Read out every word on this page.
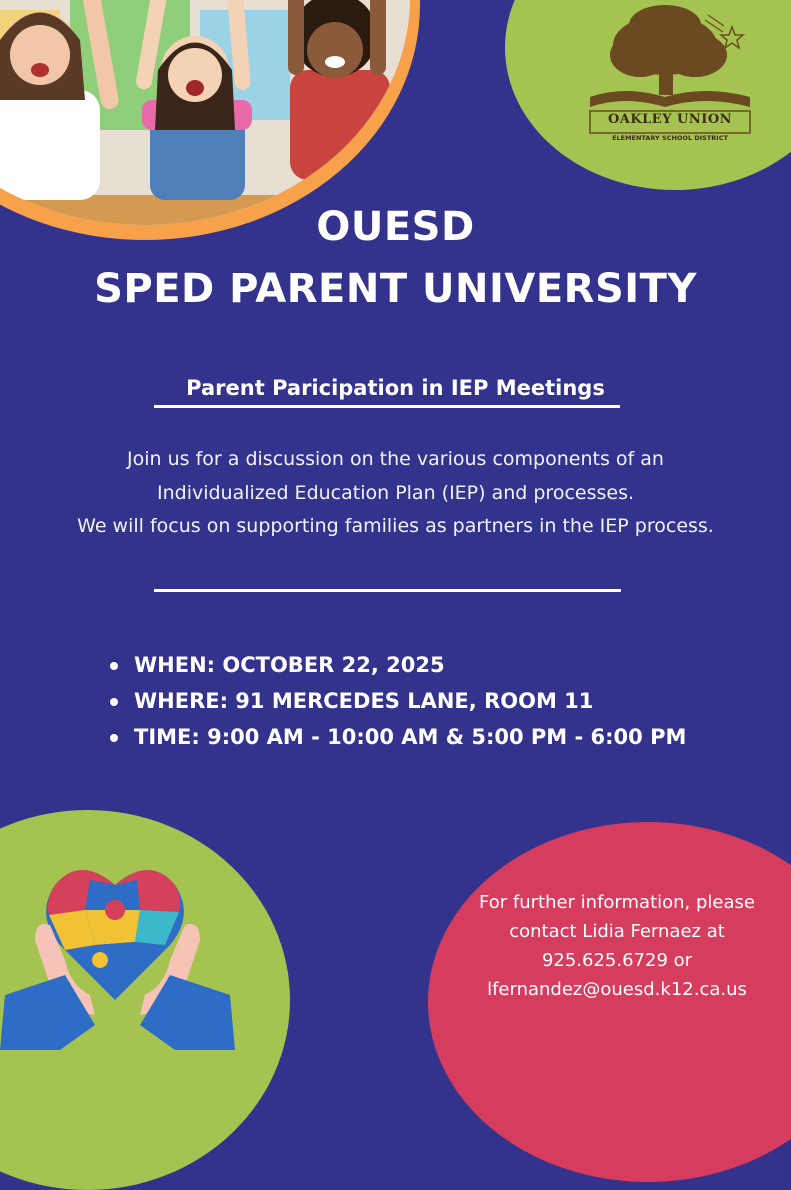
OAKLEY UNION
ELEMENTARY SCHOOL DISTRICT
OUESD
SPED PARENT UNIVERSITY
Parent Paricipation in IEP Meetings
Join us for a discussion on the various components of an
Individualized Education Plan (IEP) and processes.
We will focus on supporting families as partners in the IEP process.
WHEN: OCTOBER 22, 2025
WHERE: 91 MERCEDES LANE, ROOM 11
TIME: 9:00 AM - 10:00 AM & 5:00 PM - 6:00 PM
For further information, please
contact Lidia Fernaez at
925.625.6729 or
lfernandez@ouesd.k12.ca.us
